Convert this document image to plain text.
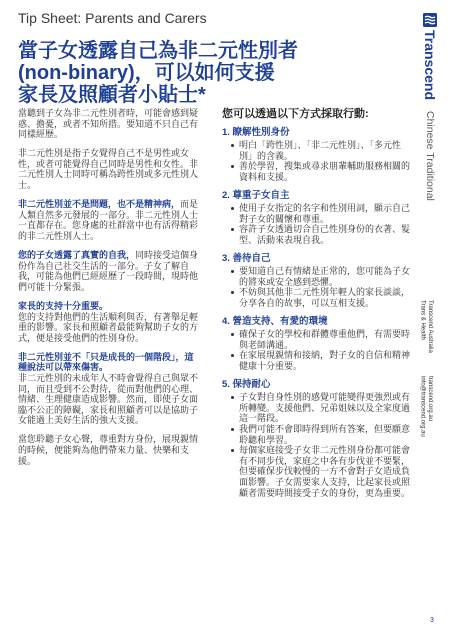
Tip Sheet: Parents and Carers
當子女透露自己為非二元性別者
(non-binary)，可以如何支援
家長及照顧者小貼士*

當聽到子女為非二元性別者時，可能會感到疑惑、擔憂，或者不知所措。要知道不只自己有同樣經歷。

非二元性別是指子女覺得自己不是男性或女性，或者可能覺得自己同時是男性和女性。非二元性別人士同時可稱為跨性別或多元性別人士。

非二元性別並不是問題，也不是精神病，而是人類自然多元發展的一部分。非二元性別人士一直都存在。您身處的社群當中也有活得精彩的非二元性別人士。

您的子女透露了真實的自我，同時接受這個身份作為自己社交生活的一部分。子女了解自我，可能為他們已經經歷了一段時間，現時他們可能十分緊張。

家長的支持十分重要。
您的支持對他們的生活順利與否，有著舉足輕重的影響。家長和照顧者最能夠幫助子女的方式，便是接受他們的性別身份。

非二元性別並不「只是成長的一個階段」，這種說法可以帶來傷害。
非二元性別的未成年人不時會覺得自己與眾不同，而且受到不公對待，從而對他們的心理、情緒、生理健康造成影響。然而，即使子女面臨不公正的障礙，家長和照顧者可以是協助子女能過上美好生活的強大支援。

當您聆聽子女心聲，尊重對方身份，展現親情的時候，便能夠為他們帶來力量、快樂和支援。

您可以透過以下方式採取行動:
1. 瞭解性別身份
明白「跨性別」、「非二元性別」、「多元性別」的含義。
善於學習，搜集或尋求朋輩輔助服務相關的資料和支援。
2. 尊重子女自主
使用子女指定的名字和性別用詞，顯示自己對子女的關懷和尊重。
容許子女透過切合自己性別身份的衣著、髮型、活動來表現自我。
3. 善待自己
要知道自己有情緒是正常的，您可能為子女的將來或安全感到恐懼。
不妨與其他非二元性別年輕人的家長談談，分享各自的故事，可以互相支援。
4. 營造支持、有愛的環境
確保子女的學校和群體尊重他們，有需要時與老師溝通。
在家展現親情和接納，對子女的自信和精神健康十分重要。
5. 保持耐心
子女對自身性別的感覺可能變得更強烈或有所轉變。支援他們、兄弟姐妹以及全家度過這一階段。
我們可能不會即時得到所有答案，但要願意聆聽和學習。
每個家庭接受子女非二元性別身份都可能會有不同步伐，家庭之中各有步伐並不要緊，但要確保步伐較慢的一方不會對子女造成負面影響。子女需要家人支持，比起家長或照顧者需要時間接受子女的身份，更為重要。
Transcend
Chinese Traditional
Transcend Australia
Trans & Health
transcend.org.au
info@transcend.org.au
3
